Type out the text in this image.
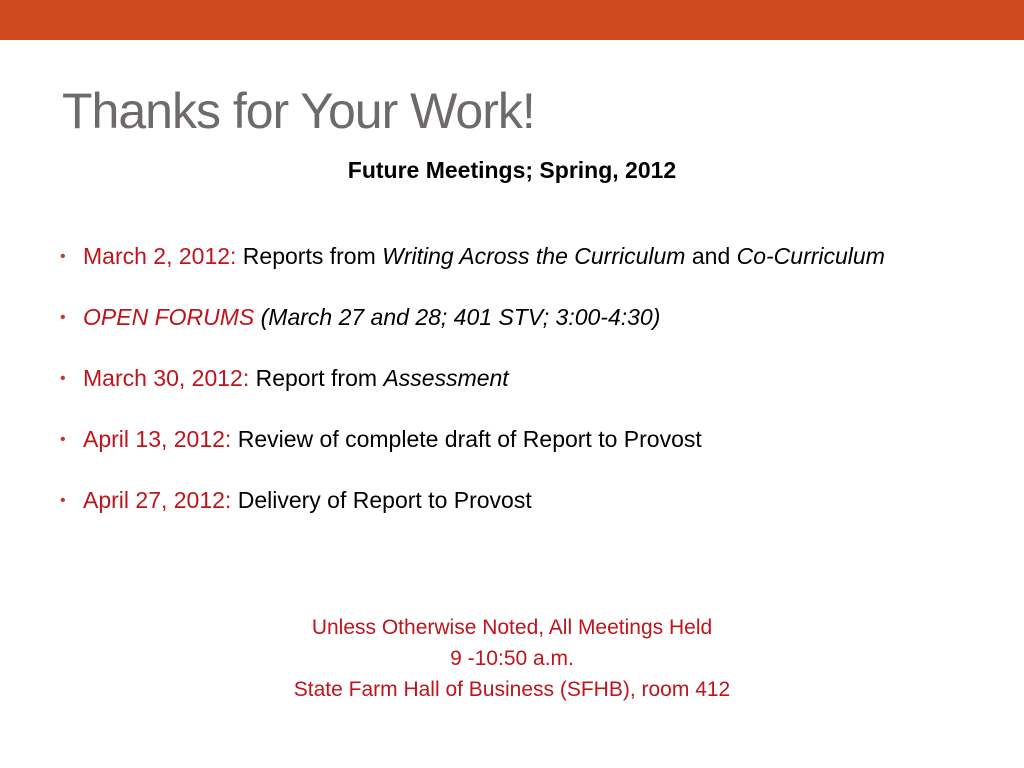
Thanks for Your Work!
Future Meetings; Spring, 2012
• March 2, 2012: Reports from Writing Across the Curriculum and Co-Curriculum
• OPEN FORUMS (March 27 and 28; 401 STV; 3:00-4:30)
• March 30, 2012: Report from Assessment
• April 13, 2012: Review of complete draft of Report to Provost
• April 27, 2012: Delivery of Report to Provost
Unless Otherwise Noted, All Meetings Held
9 -10:50 a.m.
State Farm Hall of Business (SFHB), room 412
